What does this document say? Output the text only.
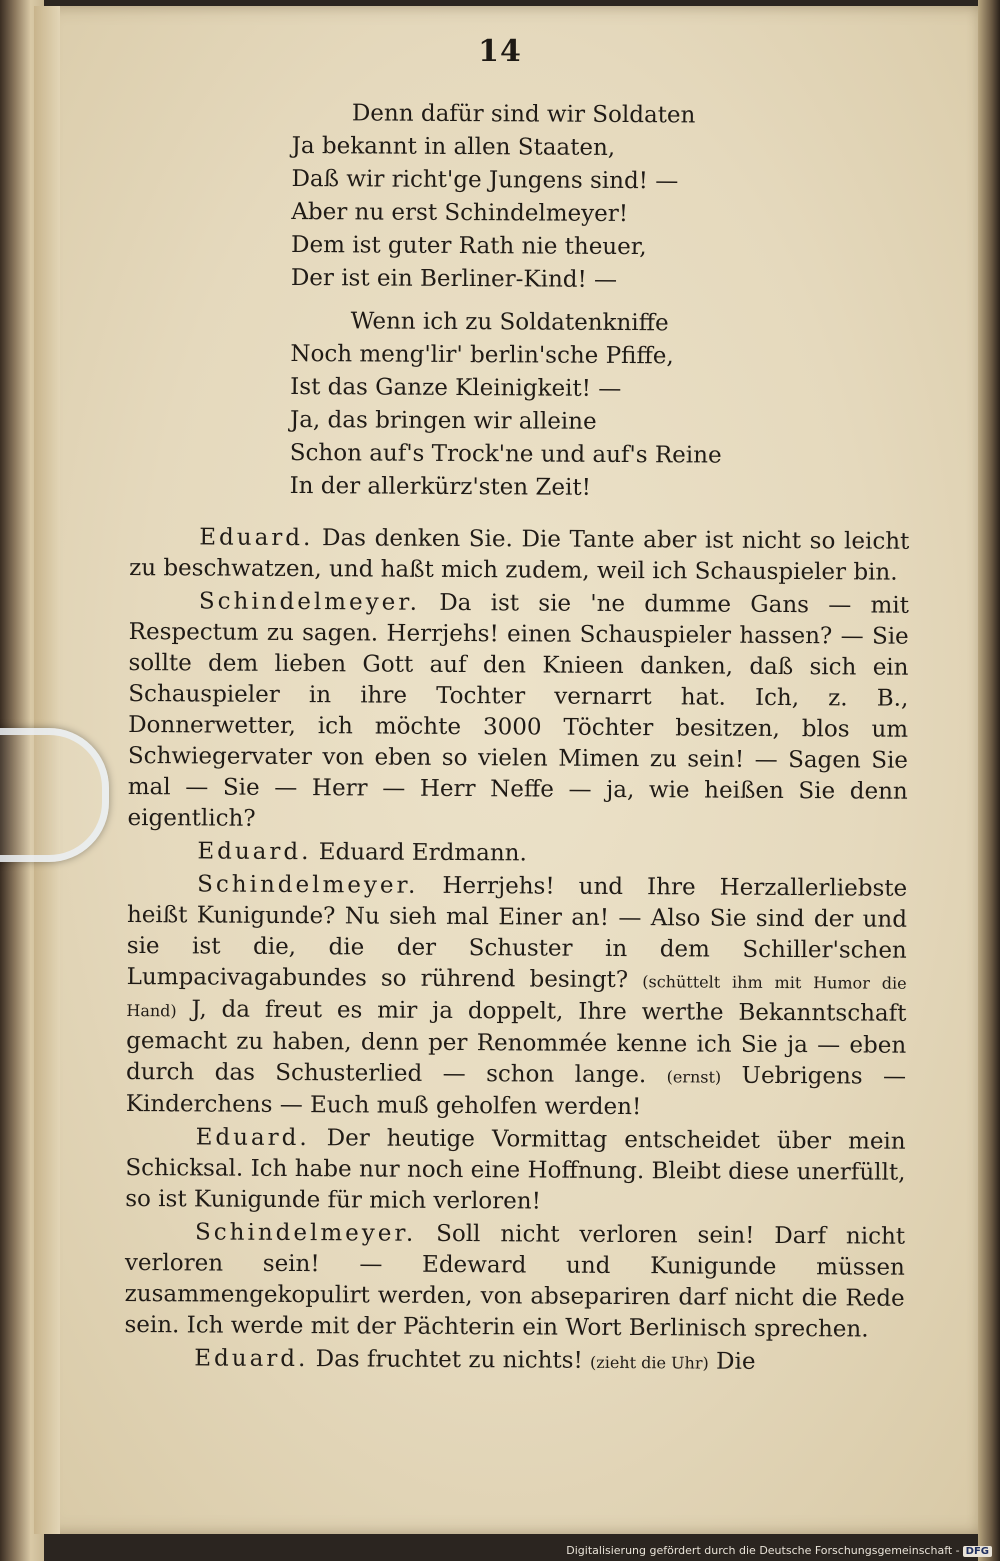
14
Denn dafür sind wir Soldaten
Ja bekannt in allen Staaten,
Daß wir richt'ge Jungens sind! —
Aber nu erst Schindelmeyer!
Dem ist guter Rath nie theuer,
Der ist ein Berliner-Kind! —
Wenn ich zu Soldatenkniffe
Noch meng'lir' berlin'sche Pfiffe,
Ist das Ganze Kleinigkeit! —
Ja, das bringen wir alleine
Schon auf's Trock'ne und auf's Reine
In der allerkürz'sten Zeit!

Eduard. Das denken Sie. Die Tante aber ist nicht so leicht zu beschwatzen, und haßt mich zudem, weil ich Schauspieler bin.

Schindelmeyer. Da ist sie 'ne dumme Gans — mit Respectum zu sagen. Herrjehs! einen Schauspieler hassen? — Sie sollte dem lieben Gott auf den Knieen danken, daß sich ein Schauspieler in ihre Tochter vernarrt hat. Ich, z. B., Donnerwetter, ich möchte 3000 Töchter besitzen, blos um Schwiegervater von eben so vielen Mimen zu sein! — Sagen Sie mal — Sie — Herr — Herr Neffe — ja, wie heißen Sie denn eigentlich?

Eduard. Eduard Erdmann.

Schindelmeyer. Herrjehs! und Ihre Herzallerliebste heißt Kunigunde? Nu sieh mal Einer an! — Also Sie sind der und sie ist die, die der Schuster in dem Schiller'schen Lumpacivagabundes so rührend besingt? (schüttelt ihm mit Humor die Hand) J, da freut es mir ja doppelt, Ihre werthe Bekanntschaft gemacht zu haben, denn per Renommée kenne ich Sie ja — eben durch das Schusterlied — schon lange. (ernst) Uebrigens — Kinderchens — Euch muß geholfen werden!

Eduard. Der heutige Vormittag entscheidet über mein Schicksal. Ich habe nur noch eine Hoffnung. Bleibt diese unerfüllt, so ist Kunigunde für mich verloren!

Schindelmeyer. Soll nicht verloren sein! Darf nicht verloren sein! — Edeward und Kunigunde müssen zusammengekopulirt werden, von absepariren darf nicht die Rede sein. Ich werde mit der Pächterin ein Wort Berlinisch sprechen.

Eduard. Das fruchtet zu nichts! (zieht die Uhr) Die

Digitalisierung gefördert durch die Deutsche Forschungsgemeinschaft - DFG
